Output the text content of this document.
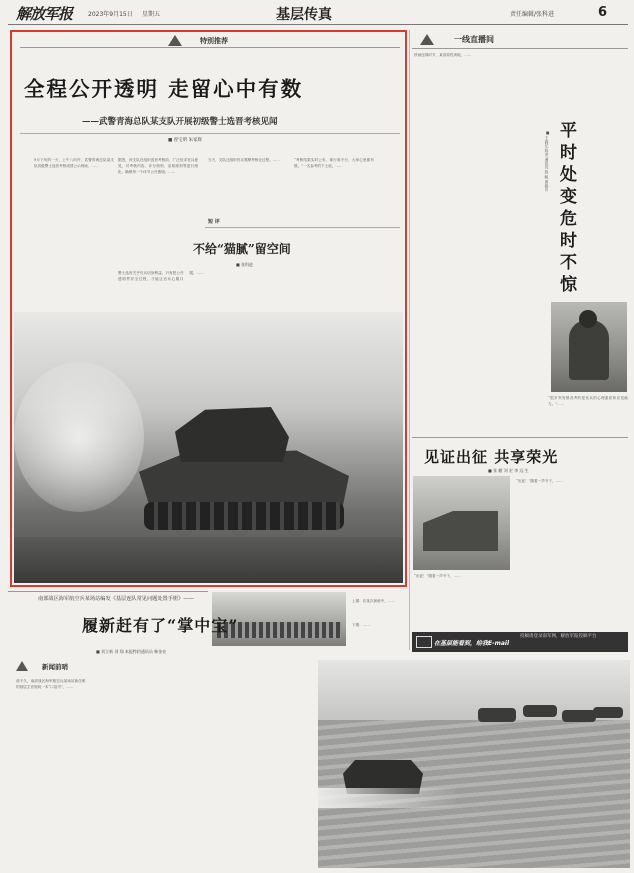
解放军报	2023年9月15日 星期五	基层传真	责任编辑/张科进	6
特别推荐
全程公开透明 走留心中有数
——武警青海总队某支队开展初级警士选晋考核见闻
■ 曾宝明 朱家辉
9月下旬的一天，上午八时许，武警青海总队某支队初级警士选晋考核成绩公示现场，……
据悉，该支队在组织选晋考核前，广泛征求官兵意见，对考核内容、评分细则、录取规则等进行细化，确保每一个环节公开透明。……
当天，支队还组织官兵观摩考核全过程。……	“考核结果实时公布，谁行谁不行，大家心里都有数。”一名参考的下士说。……
短 评
不给“猫腻”留空间
■ 张科进
警士选晋关乎官兵切身利益。只有把公开透明贯穿全过程，才能让官兵心服口服，……
一线直播间
秋雨连绵时节，某高原驻训地，……
平
时
处
变
危
时
不
惊
■ 王润亿 陈尧 通讯员 陈 帆 黄毅川
“很多突发情况考的是官兵的心理素质和应变能力。”……
见证出征 共享荣光
■ 张 鹏 刘 宏 李 远 生
“出征！”随着一声令下，……
“出征！”随着一声令下，……
上图：在某次演练中，……
下图：……
在基层能看到，给我E-mail
投稿请登录南军网，解放军报投稿平台
南部战区海军航空兵某场站编发《基层连队常见问题处置手册》——
履新赶有了“掌中宝”
■ 刘立新 刘 翔 本报特约通讯员 韩金亮
新闻前哨
前不久，南部战区海军航空兵某场站新任职的基层主官领到一本“口袋书”，……
